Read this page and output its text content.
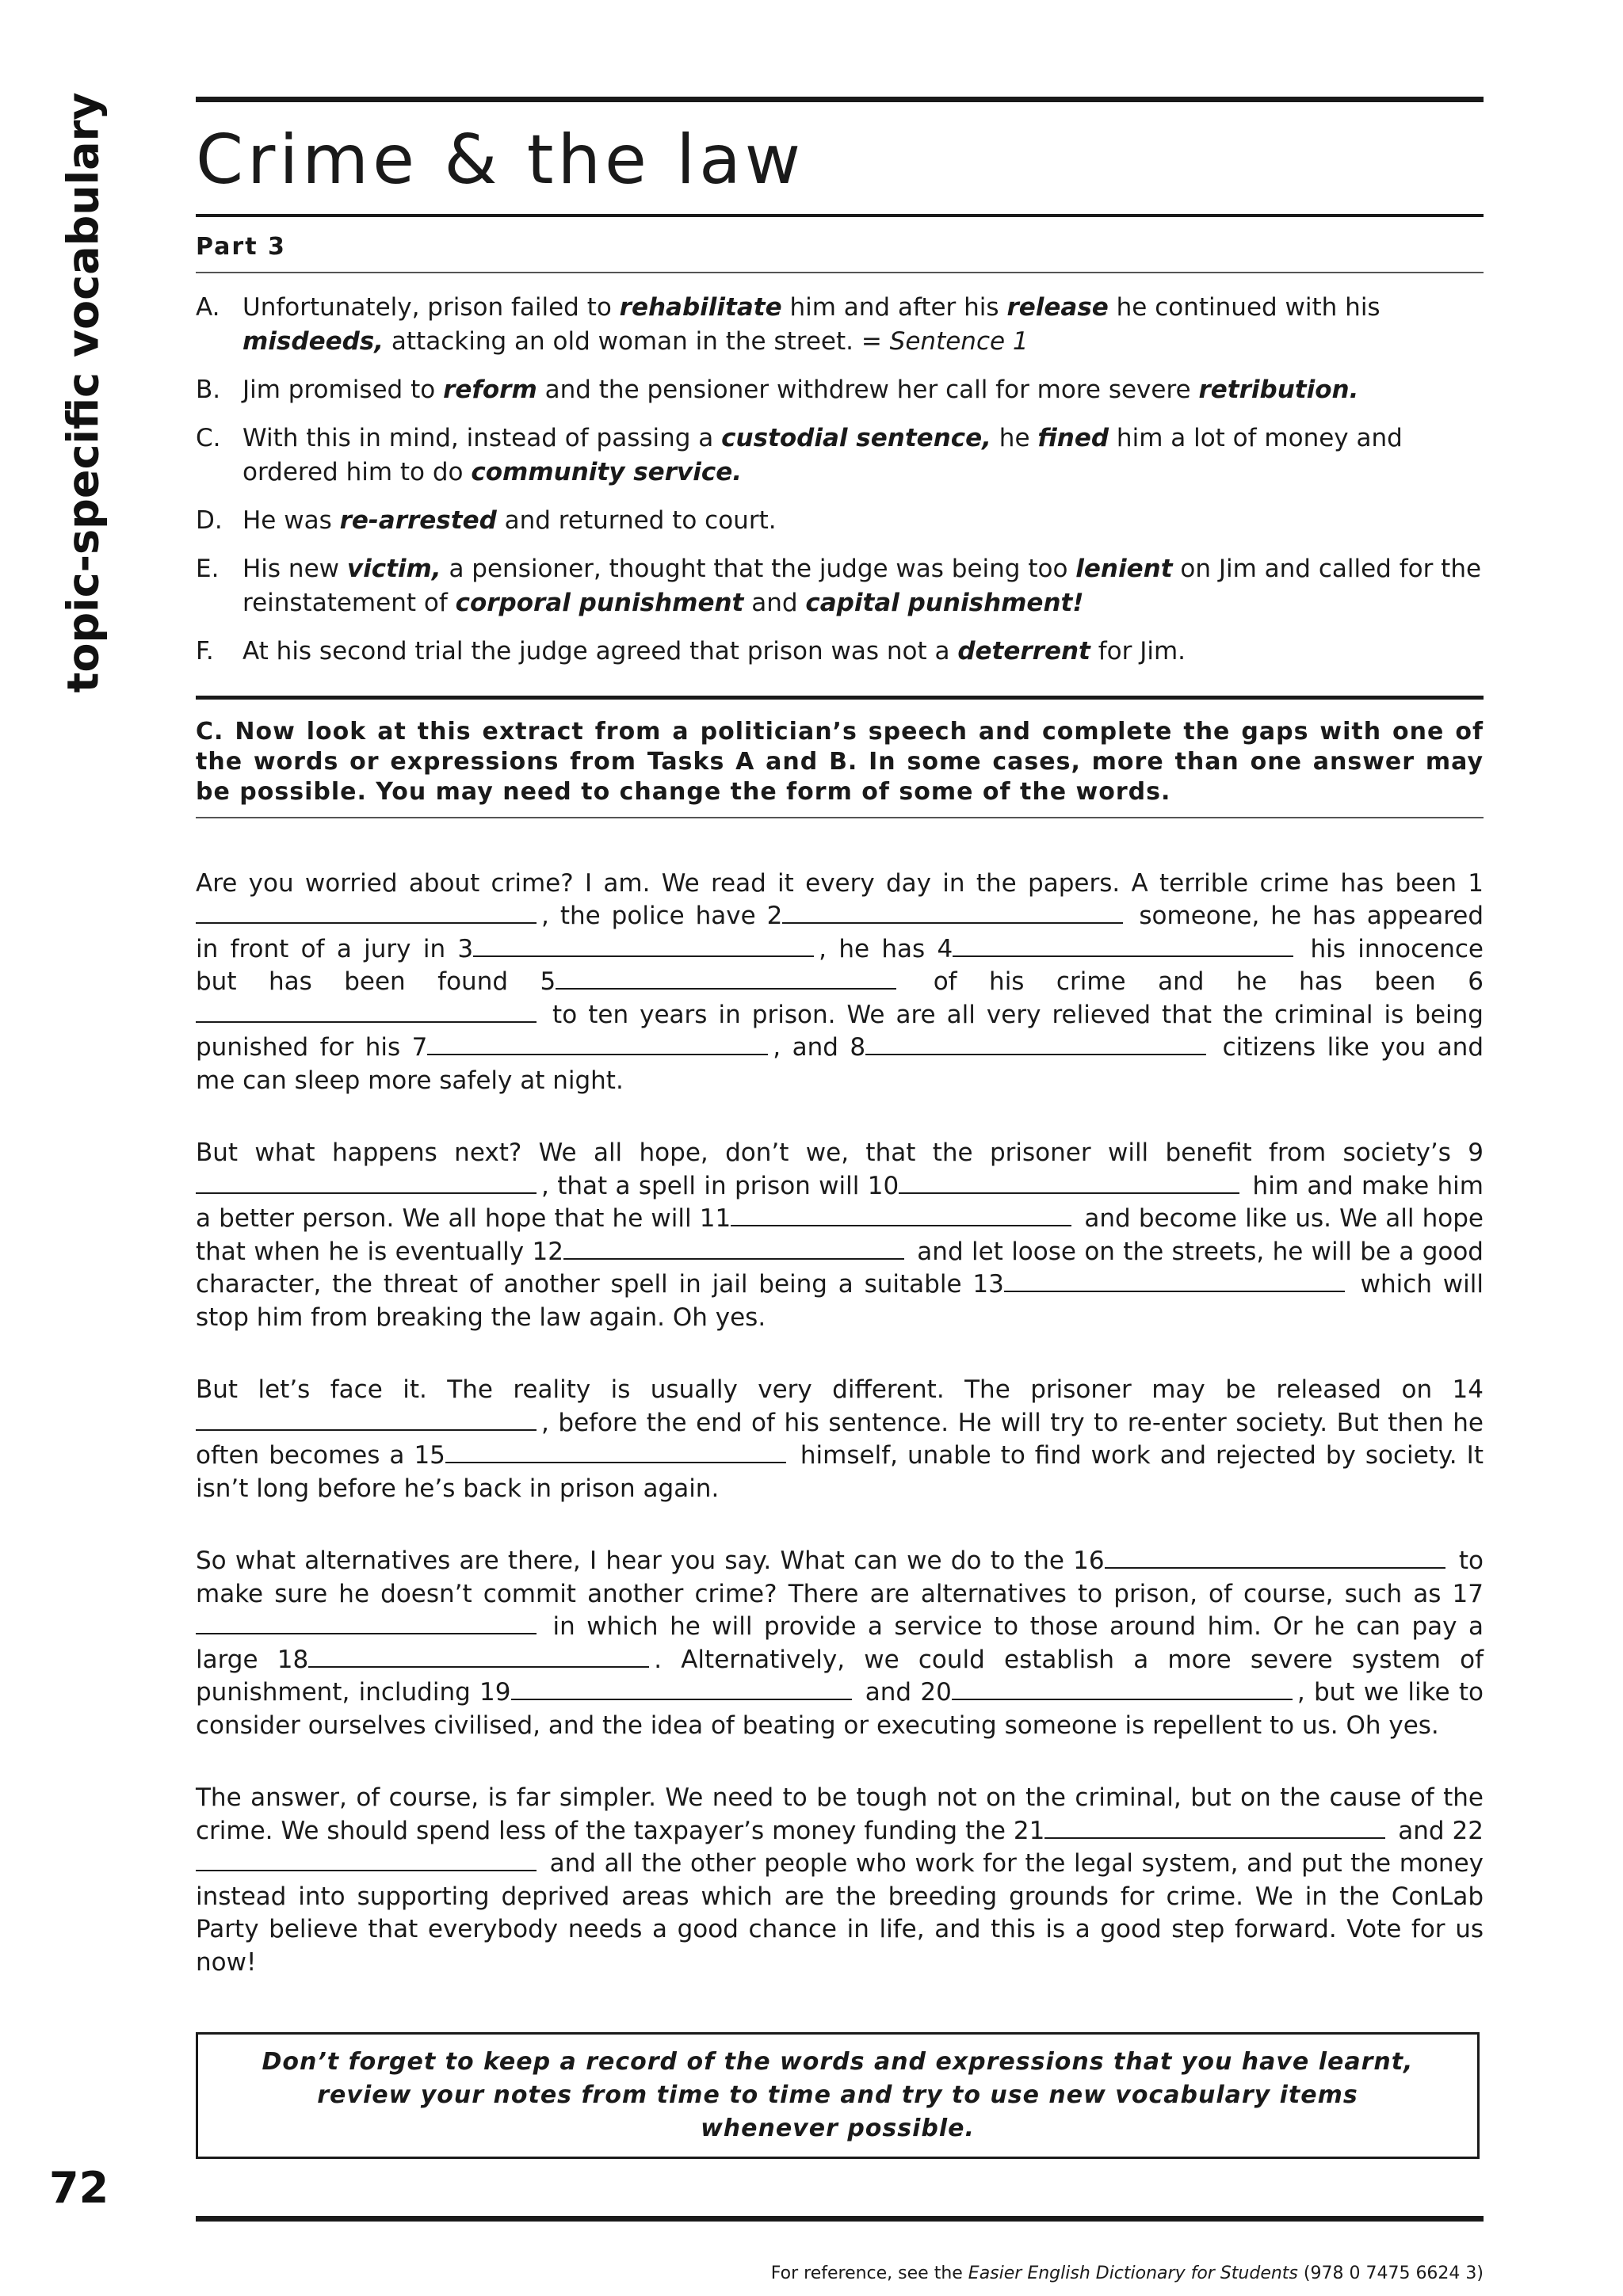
topic-specific vocabulary
72
Crime & the law
Part 3
A. Unfortunately, prison failed to rehabilitate him and after his release he continued with his misdeeds, attacking an old woman in the street. = Sentence 1
B. Jim promised to reform and the pensioner withdrew her call for more severe retribution.
C. With this in mind, instead of passing a custodial sentence, he fined him a lot of money and ordered him to do community service.
D. He was re-arrested and returned to court.
E. His new victim, a pensioner, thought that the judge was being too lenient on Jim and called for the reinstatement of corporal punishment and capital punishment!
F.	At his second trial the judge agreed that prison was not a deterrent for Jim.
C. Now look at this extract from a politician’s speech and complete the gaps with one of the words or expressions from Tasks A and B. In some cases, more than one answer may be possible. You may need to change the form of some of the words.

Are you worried about crime? I am. We read it every day in the papers. A terrible crime has been 1, the police have 2	someone, he has appeared in front of a jury in 3	, he has 4	his innocence but has been found 5	of his crime and he has been 6 to ten years in prison. We are all very relieved that the criminal is being punished for his 7	, and 8	citizens like you and me can sleep more safely at night.

But what happens next? We all hope, don’t we, that the prisoner will benefit from society’s 9, that a spell in prison will 10	him and make him a better person. We all hope that he will 11	and become like us. We all hope that when he is eventually 12	and let loose on the streets, he will be a good character, the threat of another spell in jail being a suitable 13	which will stop him from breaking the law again. Oh yes.

But let’s face it. The reality is usually very different. The prisoner may be released on 14, before the end of his sentence. He will try to re-enter society. But then he often becomes a 15	himself, unable to find work and rejected by society. It isn’t long before he’s back in prison again.

So what alternatives are there, I hear you say. What can we do to the 16	to make sure he doesn’t commit another crime? There are alternatives to prison, of course, such as 17 in which he will provide a service to those around him. Or he can pay a large 18	. Alternatively, we could establish a more severe system of punishment, including 19	and 20	, but we like to consider ourselves civilised, and the idea of beating or executing someone is repellent to us. Oh yes.

The answer, of course, is far simpler. We need to be tough not on the criminal, but on the cause of the crime. We should spend less of the taxpayer’s money funding the 21	and 22 and all the other people who work for the legal system, and put the money instead into supporting deprived areas which are the breeding grounds for crime. We in the ConLab Party believe that everybody needs a good chance in life, and this is a good step forward. Vote for us now!

Don’t forget to keep a record of the words and expressions that you have learnt, review your notes from time to time and try to use new vocabulary items whenever possible.

For reference, see the Easier English Dictionary for Students (978 0 7475 6624 3)
